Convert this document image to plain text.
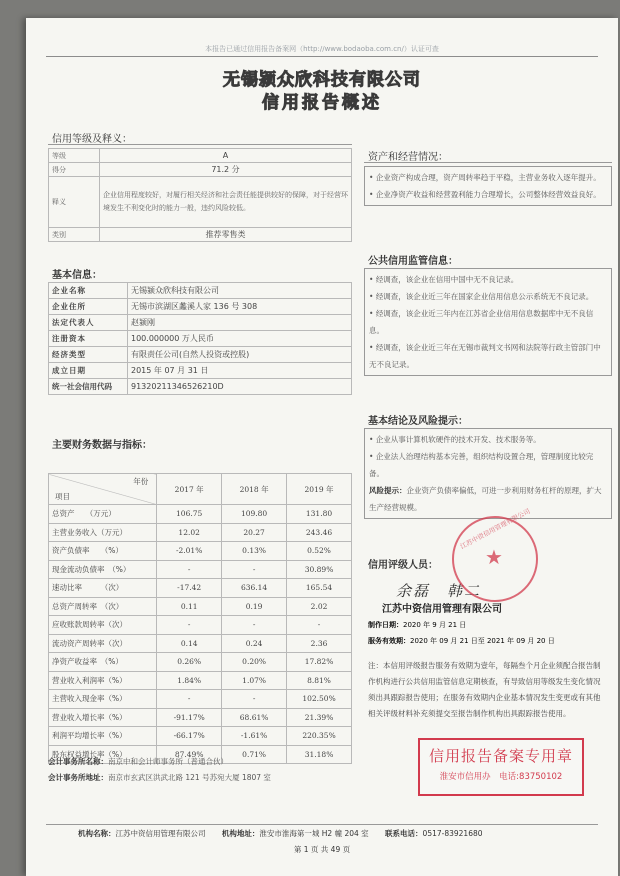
本报告已通过信用报告备案网（http://www.bodaoba.com.cn/）认证可查
无锡颍众欣科技有限公司
信用报告概述
信用等级及释义：
等级	A
得分	71.2 分
释义	企业信用程度较好，对履行相关经济和社会责任能提供较好的保障，对于经营环境发生不利变化时的能力一般，违约风险较低。
类别	推荐零售类
基本信息：
企业名称	无锡颍众欣科技有限公司
企业住所	无锡市滨湖区蠡溪人家 136 号 308
法定代表人	赵颍刚
注册资本	100.000000 万人民币
经济类型	有限责任公司(自然人投资或控股)
成立日期	2015 年 07 月 31 日
统一社会信用代码	91320211346526210D
主要财务数据与指标：
年份
项目	2017 年	2018 年	2019 年
总资产　　（万元）	106.75	109.80	131.80
主营业务收入（万元）	12.02	20.27	243.46
资产负债率　　（%）	-2.01%	0.13%	0.52%
现金流动负债率　（%）	-	-	30.89%
速动比率　　　（次）	-17.42	636.14	165.54
总资产周转率　（次）	0.11	0.19	2.02
应收账款周转率（次）	-	-	-
流动资产周转率（次）	0.14	0.24	2.36
净资产收益率　（%）	0.26%	0.20%	17.82%
营业收入利润率（%）	1.84%	1.07%	8.81%
主营收入现金率（%）	-	-	102.50%
营业收入增长率（%）	-91.17%	68.61%	21.39%
利润平均增长率（%）	-66.17%	-1.61%	220.35%
股东权益增长率（%）	87.49%	0.71%	31.18%
会计事务所名称：南京中和会计师事务所（普通合伙）
会计事务所地址：南京市玄武区洪武北路 121 号苏宛大厦 1807 室
资产和经营情况：
• 企业资产构成合理，资产周转率趋于平稳，主营业务收入逐年提升。
• 企业净资产收益和经营盈利能力合理增长，公司整体经营效益良好。
公共信用监管信息：
• 经调查，该企业在信用中国中无不良记录。
• 经调查，该企业近三年在国家企业信用信息公示系统无不良记录。
• 经调查，该企业近三年内在江苏省企业信用信息数据库中无不良信息。
• 经调查，该企业近三年在无锡市裁判文书网和法院等行政主管部门中无不良记录。
基本结论及风险提示：
• 企业从事计算机软硬件的技术开发、技术服务等。
• 企业法人治理结构基本完善，组织结构设置合理，管理制度比较完备。
风险提示：企业资产负债率偏低，可进一步利用财务杠杆的原理，扩大生产经营规模。
信用评级人员：
余磊　韩二
江苏中资信用管理有限公司
★
江苏中资信用管理有限公司
制作日期：2020 年 9 月 21 日
服务有效期：2020 年 09 月 21 日至 2021 年 09 月 20 日
注：本信用评级报告服务有效期为壹年，每隔叁个月企业须配合报告制作机构进行公共信用监管信息定期核查，有导致信用等级发生变化情况须出具跟踪报告使用；在服务有效期内企业基本情况发生变更或有其他相关评级材料补充须提交至报告制作机构出具跟踪报告使用。
信用报告备案专用章
淮安市信用办　电话:83750102
机构名称：江苏中资信用管理有限公司 机构地址：淮安市淮海第一城 H2 幢 204 室 联系电话：0517-83921680
第 1 页 共 49 页
